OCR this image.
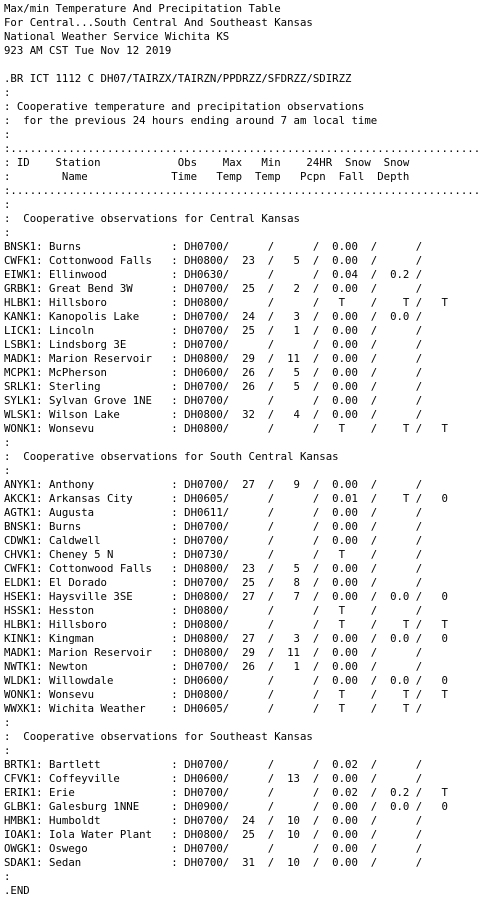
Max/min Temperature And Precipitation Table
For Central...South Central And Southeast Kansas
National Weather Service Wichita KS
923 AM CST Tue Nov 12 2019
.BR ICT 1112 C DH07/TAIRZX/TAIRZN/PPDRZZ/SFDRZZ/SDIRZZ
:
: Cooperative temperature and precipitation observations
:  for the previous 24 hours ending around 7 am local time
:
:.........................................................................
: ID    Station            Obs    Max   Min    24HR  Snow  Snow
:        Name             Time   Temp  Temp   Pcpn  Fall  Depth
:.........................................................................
:
:  Cooperative observations for Central Kansas
:
BNSK1: Burns              : DH0700/      /      /  0.00  /      /
CWFK1: Cottonwood Falls   : DH0800/  23  /   5  /  0.00  /      /
EIWK1: Ellinwood          : DH0630/      /      /  0.04  /  0.2 /
GRBK1: Great Bend 3W      : DH0700/  25  /   2  /  0.00  /      /
HLBK1: Hillsboro          : DH0800/      /      /   T    /    T /   T
KANK1: Kanopolis Lake     : DH0700/  24  /   3  /  0.00  /  0.0 /
LICK1: Lincoln            : DH0700/  25  /   1  /  0.00  /      /
LSBK1: Lindsborg 3E       : DH0700/      /      /  0.00  /      /
MADK1: Marion Reservoir   : DH0800/  29  /  11  /  0.00  /      /
MCPK1: McPherson          : DH0600/  26  /   5  /  0.00  /      /
SRLK1: Sterling           : DH0700/  26  /   5  /  0.00  /      /
SYLK1: Sylvan Grove 1NE   : DH0700/      /      /  0.00  /      /
WLSK1: Wilson Lake        : DH0800/  32  /   4  /  0.00  /      /
WONK1: Wonsevu            : DH0800/      /      /   T    /    T /   T
:
:  Cooperative observations for South Central Kansas
:
ANYK1: Anthony            : DH0700/  27  /   9  /  0.00  /      /
AKCK1: Arkansas City      : DH0605/      /      /  0.01  /    T /   0
AGTK1: Augusta            : DH0611/      /      /  0.00  /      /
BNSK1: Burns              : DH0700/      /      /  0.00  /      /
CDWK1: Caldwell           : DH0700/      /      /  0.00  /      /
CHVK1: Cheney 5 N         : DH0730/      /      /   T    /      /
CWFK1: Cottonwood Falls   : DH0800/  23  /   5  /  0.00  /      /
ELDK1: El Dorado          : DH0700/  25  /   8  /  0.00  /      /
HSEK1: Haysville 3SE      : DH0800/  27  /   7  /  0.00  /  0.0 /   0
HSSK1: Hesston            : DH0800/      /      /   T    /      /
HLBK1: Hillsboro          : DH0800/      /      /   T    /    T /   T
KINK1: Kingman            : DH0800/  27  /   3  /  0.00  /  0.0 /   0
MADK1: Marion Reservoir   : DH0800/  29  /  11  /  0.00  /      /
NWTK1: Newton             : DH0700/  26  /   1  /  0.00  /      /
WLDK1: Willowdale         : DH0600/      /      /  0.00  /  0.0 /   0
WONK1: Wonsevu            : DH0800/      /      /   T    /    T /   T
WWXK1: Wichita Weather    : DH0605/      /      /   T    /    T /
:
:  Cooperative observations for Southeast Kansas
:
BRTK1: Bartlett           : DH0700/      /      /  0.02  /      /
CFVK1: Coffeyville        : DH0600/      /  13  /  0.00  /      /
ERIK1: Erie               : DH0700/      /      /  0.02  /  0.2 /   T
GLBK1: Galesburg 1NNE     : DH0900/      /      /  0.00  /  0.0 /   0
HMBK1: Humboldt           : DH0700/  24  /  10  /  0.00  /      /
IOAK1: Iola Water Plant   : DH0800/  25  /  10  /  0.00  /      /
OWGK1: Oswego             : DH0700/      /      /  0.00  /      /
SDAK1: Sedan              : DH0700/  31  /  10  /  0.00  /      /
:
.END
